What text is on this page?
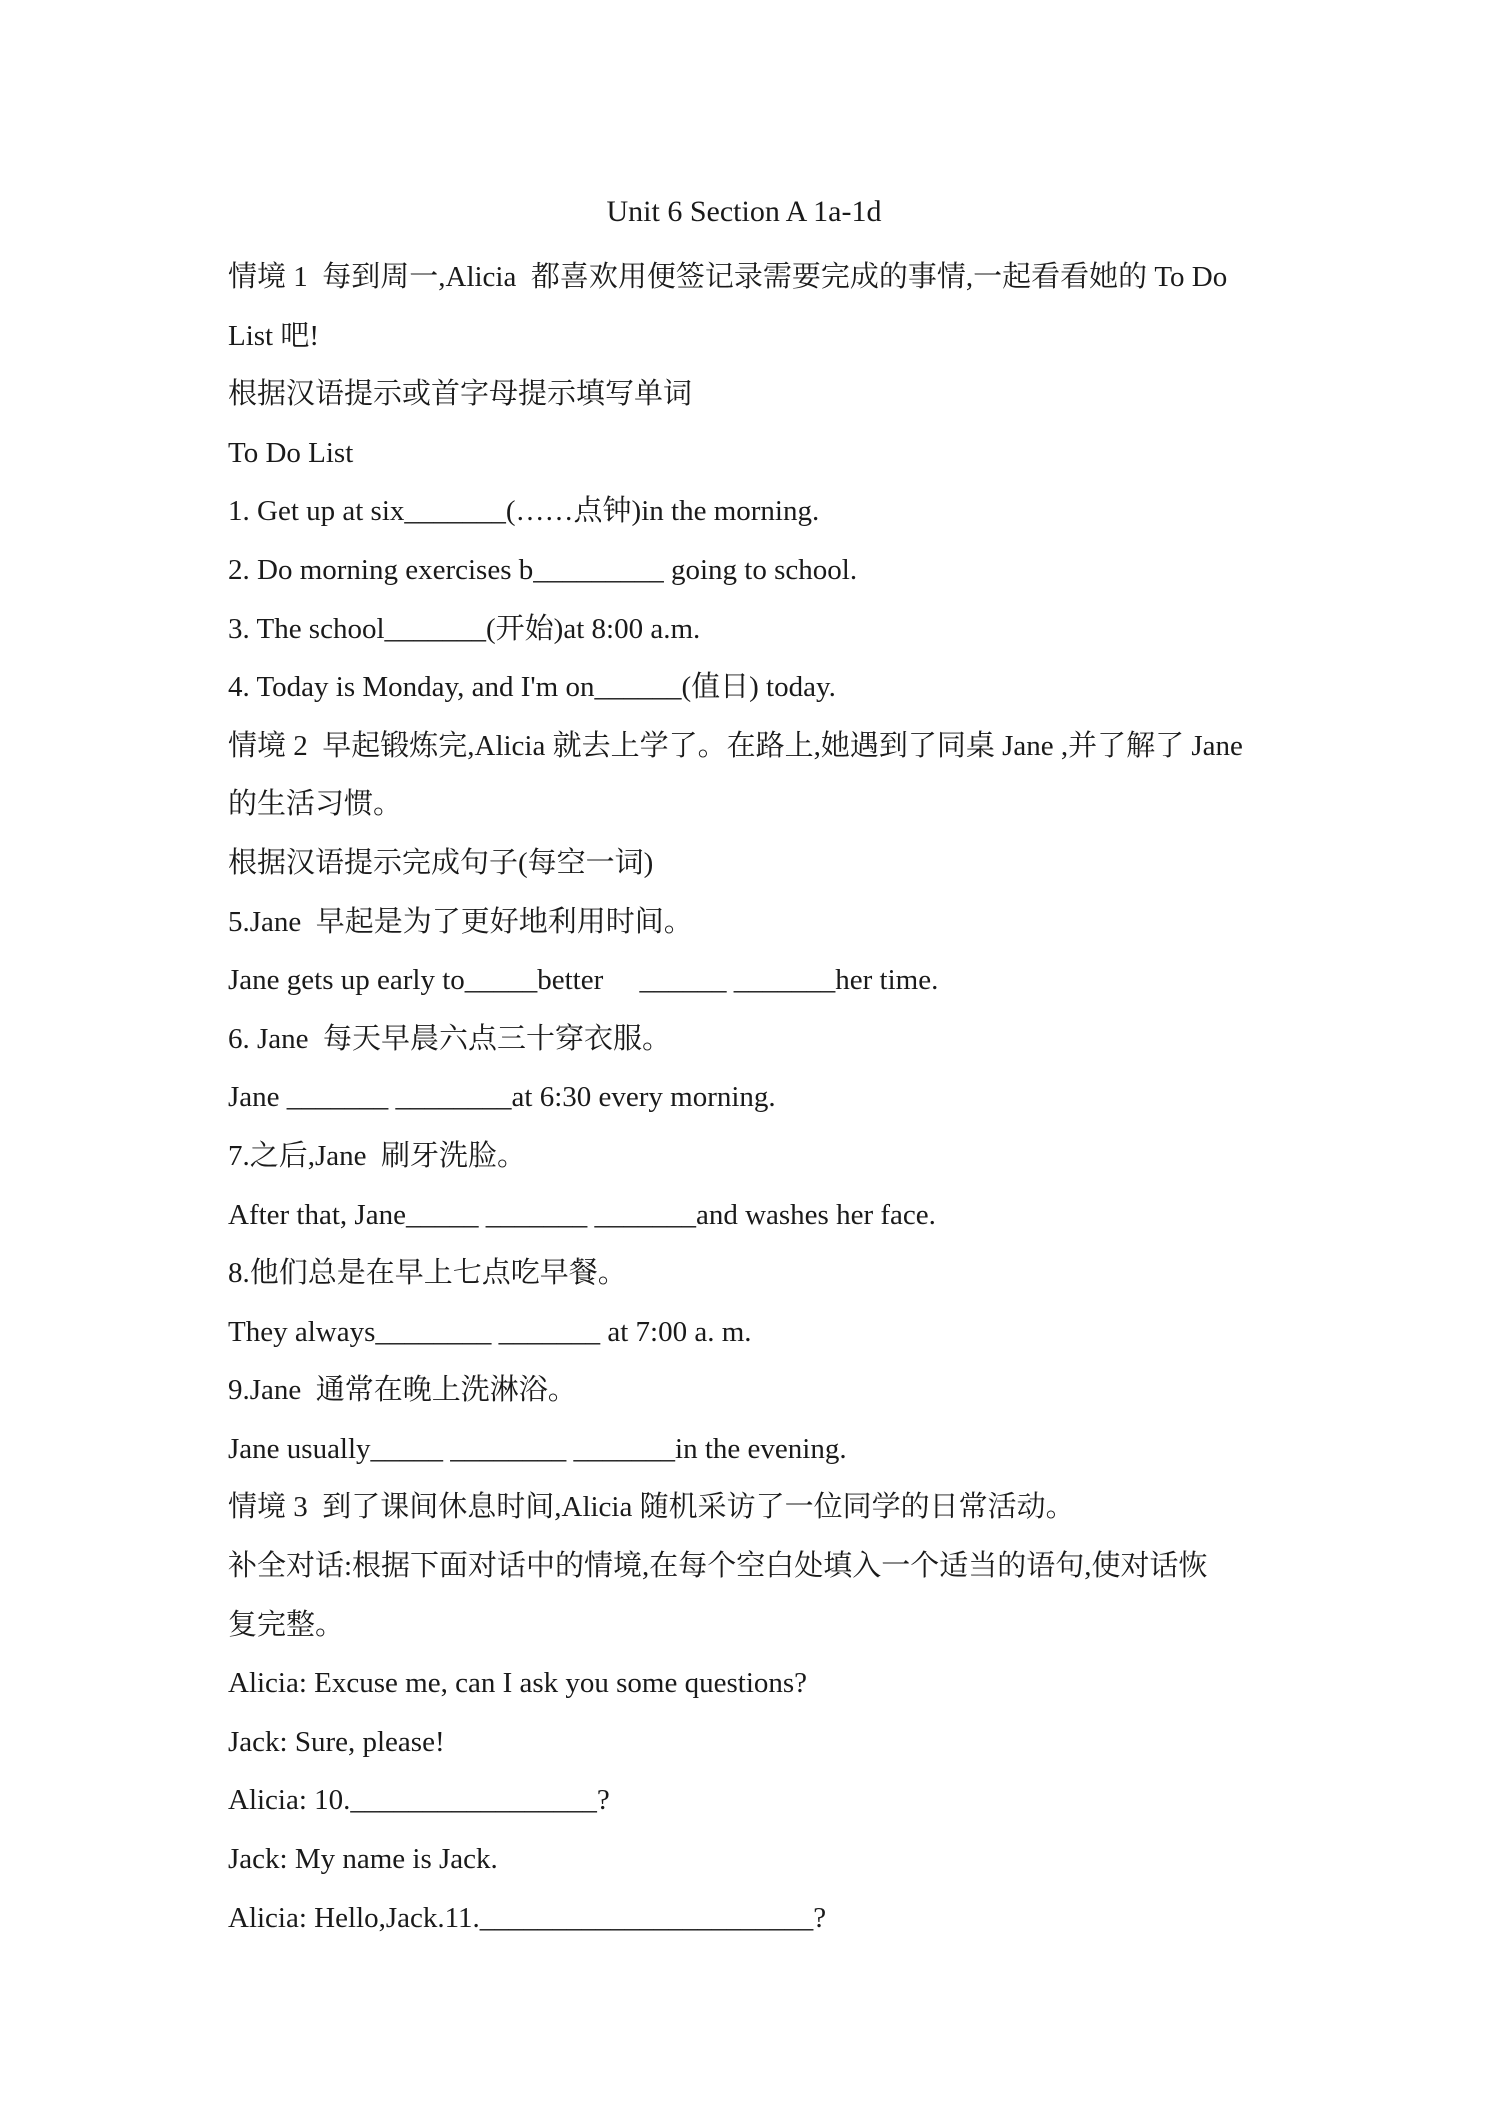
Unit 6 Section A 1a-1d

情境 1  每到周一,Alicia  都喜欢用便签记录需要完成的事情,一起看看她的 To Do

List 吧!

根据汉语提示或首字母提示填写单词

To Do List

1. Get up at six_______(……点钟)in the morning.

2. Do morning exercises b_________ going to school.

3. The school_______(开始)at 8:00 a.m.

4. Today is Monday, and I'm on______(值日) today.

情境 2  早起锻炼完,Alicia 就去上学了。在路上,她遇到了同桌 Jane ,并了解了 Jane

的生活习惯。

根据汉语提示完成句子(每空一词)

5.Jane  早起是为了更好地利用时间。

Jane gets up early to_____better     ______ _______her time.

6. Jane  每天早晨六点三十穿衣服。

Jane _______ ________at 6:30 every morning.

7.之后,Jane  刷牙洗脸。

After that, Jane_____ _______ _______and washes her face.

8.他们总是在早上七点吃早餐。

They always________ _______ at 7:00 a. m.

9.Jane  通常在晚上洗淋浴。

Jane usually_____ ________ _______in the evening.

情境 3  到了课间休息时间,Alicia 随机采访了一位同学的日常活动。

补全对话:根据下面对话中的情境,在每个空白处填入一个适当的语句,使对话恢

复完整。

Alicia: Excuse me, can I ask you some questions?

Jack: Sure, please!

Alicia: 10._________________?

Jack: My name is Jack.

Alicia: Hello,Jack.11._______________________?
